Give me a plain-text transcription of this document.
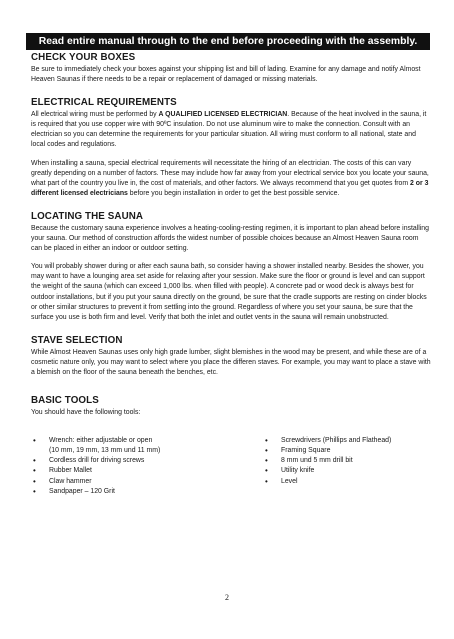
Read entire manual through to the end before proceeding with the assembly.
CHECK YOUR BOXES

Be sure to immediately check your boxes against your shipping list and bill of lading. Examine for any damage and notify Almost Heaven Saunas if there needs to be a repair or replacement of damaged or missing materials.

ELECTRICAL REQUIREMENTS

All electrical wiring must be performed by A QUALIFIED LICENSED ELECTRICIAN. Because of the heat involved in the sauna, it is required that you use copper wire with 90ºC insulation. Do not use aluminum wire to make the connection. Consult with an electrician so you can determine the requirements for your particular situation. All wiring must conform to all national, state and local codes and regulations.

When installing a sauna, special electrical requirements will necessitate the hiring of an electrician. The costs of this can vary greatly depending on a number of factors. These may include how far away from your electrical service box you locate your sauna, what part of the country you live in, the cost of materials, and other factors. We always recommend that you get quotes from 2 or 3 different licensed electricians before you begin installation in order to get the best possible service.

LOCATING THE SAUNA

Because the customary sauna experience involves a heating-cooling-resting regimen, it is important to plan ahead before installing your sauna. Our method of construction affords the widest number of possible choices because an Almost Heaven Sauna room can be placed in either an indoor or outdoor setting.

You will probably shower during or after each sauna bath, so consider having a shower installed nearby. Besides the shower, you may want to have a lounging area set aside for relaxing after your session. Make sure the floor or ground is level and can support the weight of the sauna (which can exceed 1,000 lbs. when filled with people). A concrete pad or wood deck is always best for outdoor installations, but if you put your sauna directly on the ground, be sure that the cradle supports are resting on cinder blocks or other similar structures to prevent it from settling into the ground. Regardless of where you set your sauna, be sure that the surface you use is both firm and level. Verify that both the inlet and outlet vents in the sauna will remain unobstructed.

STAVE SELECTION

While Almost Heaven Saunas uses only high grade lumber, slight blemishes in the wood may be present, and while these are of a cosmetic nature only, you may want to select where you place the differen staves. For example, you may want to place a stave with a blemish on the floor of the sauna beneath the benches, etc.

BASIC TOOLS

You should have the following tools:

• Wrench: either adjustable or open
(10 mm, 19 mm, 13 mm und 11 mm)
• Cordless drill for driving screws
• Rubber Mallet
• Claw hammer
• Sandpaper – 120 Grit
• Screwdrivers (Phillips and Flathead)
• Framing Square
• 8 mm und 5 mm drill bit
• Utility knife
• Level
2
